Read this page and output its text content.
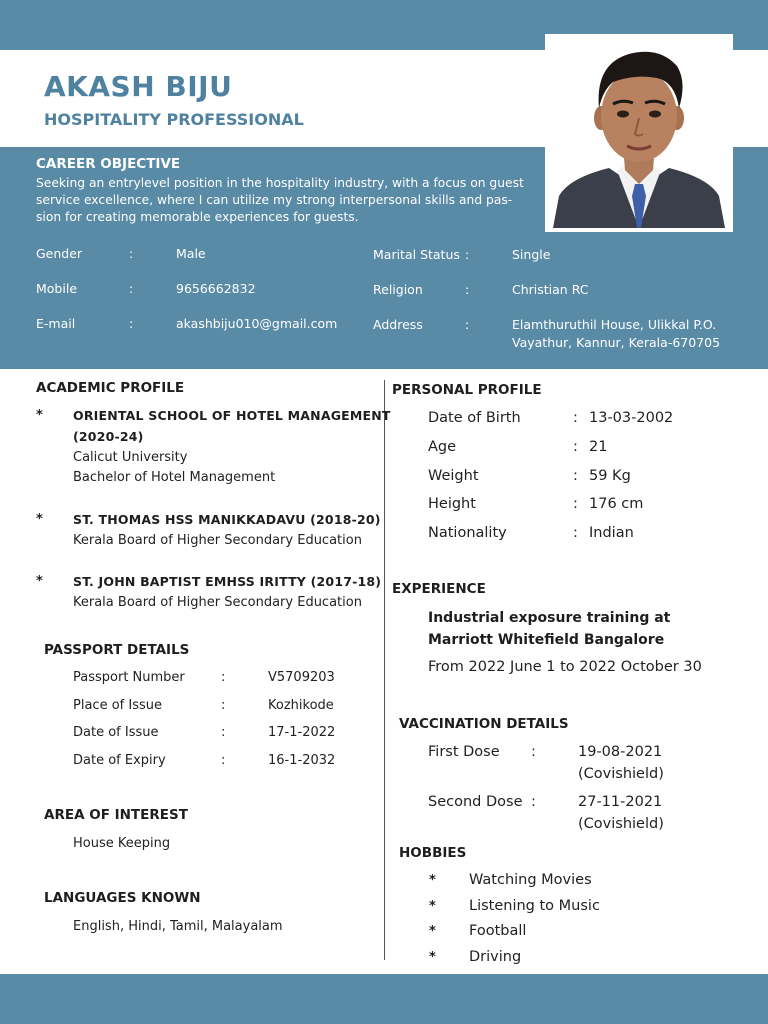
AKASH BIJU
HOSPITALITY PROFESSIONAL
CAREER OBJECTIVE
Seeking an entrylevel position in the hospitality industry, with a focus on guest
service excellence, where I can utilize my strong interpersonal skills and pas-
sion for creating memorable experiences for guests.
Gender	:	Male
Mobile	:	9656662832
E-mail	:	akashbiju010@gmail.com
Marital Status :	Single
Religion	:	Christian RC
Address	:	Elamthuruthil House, Ulikkal P.O.
Vayathur, Kannur, Kerala-670705
ACADEMIC PROFILE
* ORIENTAL SCHOOL OF HOTEL MANAGEMENT
(2020-24)
Calicut University
Bachelor of Hotel Management
* ST. THOMAS HSS MANIKKADAVU (2018-20)
Kerala Board of Higher Secondary Education
* ST. JOHN BAPTIST EMHSS IRITTY (2017-18)
Kerala Board of Higher Secondary Education
PASSPORT DETAILS
Passport Number	:	V5709203
Place of Issue	:	Kozhikode
Date of Issue	:	17-1-2022
Date of Expiry	:	16-1-2032
AREA OF INTEREST
House Keeping
LANGUAGES KNOWN
English, Hindi, Tamil, Malayalam
PERSONAL PROFILE
Date of Birth	: 13-03-2002
Age	: 21
Weight	: 59 Kg
Height	: 176 cm
Nationality	: Indian
EXPERIENCE
Industrial exposure training at
Marriott Whitefield Bangalore
From 2022 June 1 to 2022 October 30
VACCINATION DETAILS
First Dose :	19-08-2021
(Covishield)
Second Dose :	27-11-2021
(Covishield)
HOBBIES
* Watching Movies
* Listening to Music
* Football
* Driving
